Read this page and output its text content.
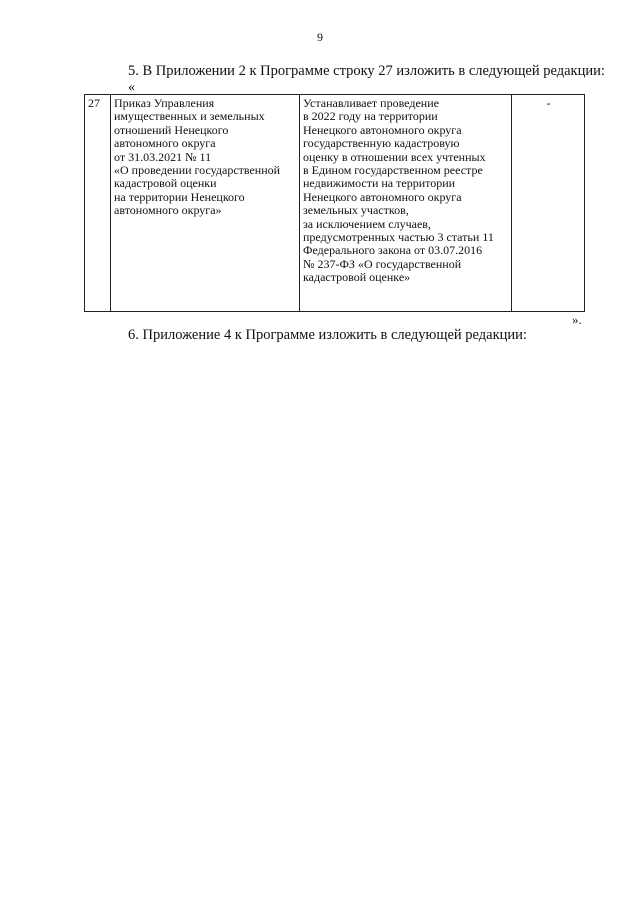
9
5. В Приложении 2 к Программе строку 27 изложить в следующей редакции:
«
27	Приказ Управления
имущественных и земельных
отношений Ненецкого
автономного округа
от 31.03.2021 № 11
«О проведении государственной
кадастровой оценки
на территории Ненецкого
автономного округа»	Устанавливает проведение
в 2022 году на территории
Ненецкого автономного округа
государственную кадастровую
оценку в отношении всех учтенных
в Едином государственном реестре
недвижимости на территории
Ненецкого автономного округа
земельных участков,
за исключением случаев,
предусмотренных частью 3 статьи 11
Федерального закона от 03.07.2016
№ 237-ФЗ «О государственной
кадастровой оценке»	-
».
6. Приложение 4 к Программе изложить в следующей редакции:
